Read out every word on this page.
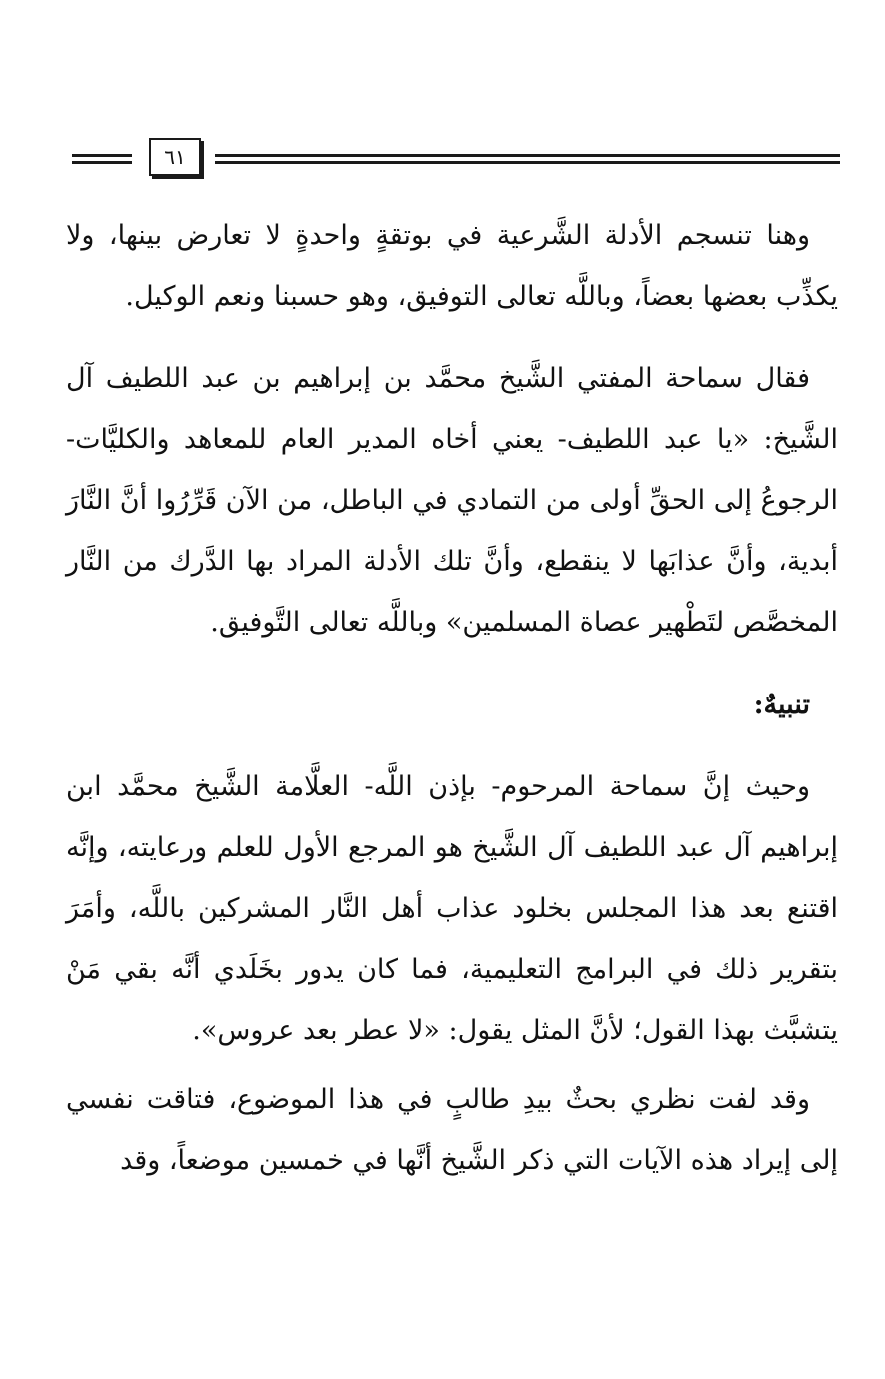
٦١

وهنا تنسجم الأدلة الشَّرعية في بوتقةٍ واحدةٍ لا تعارض بينها، ولا يكذِّب بعضها بعضاً، وباللَّه تعالى التوفيق، وهو حسبنا ونعم الوكيل.

فقال سماحة المفتي الشَّيخ محمَّد بن إبراهيم بن عبد اللطيف آل الشَّيخ: «يا عبد اللطيف- يعني أخاه المدير العام للمعاهد والكليَّات- الرجوعُ إلى الحقِّ أولى من التمادي في الباطل، من الآن قَرِّرُوا أنَّ النَّارَ أبدية، وأنَّ عذابَها لا ينقطع، وأنَّ تلك الأدلة المراد بها الدَّرك من النَّار المخصَّص لتَطْهير عصاة المسلمين» وباللَّه تعالى التَّوفيق.

تنبيهٌ:

وحيث إنَّ سماحة المرحوم- بإذن اللَّه- العلَّامة الشَّيخ محمَّد ابن إبراهيم آل عبد اللطيف آل الشَّيخ هو المرجع الأول للعلم ورعايته، وإنَّه اقتنع بعد هذا المجلس بخلود عذاب أهل النَّار المشركين باللَّه، وأمَرَ بتقرير ذلك في البرامج التعليمية، فما كان يدور بخَلَدي أنَّه بقي مَنْ يتشبَّث بهذا القول؛ لأنَّ المثل يقول: «لا عطر بعد عروس».

وقد لفت نظري بحثٌ بيدِ طالبٍ في هذا الموضوع، فتاقت نفسي إلى إيراد هذه الآيات التي ذكر الشَّيخ أنَّها في خمسين موضعاً، وقد
